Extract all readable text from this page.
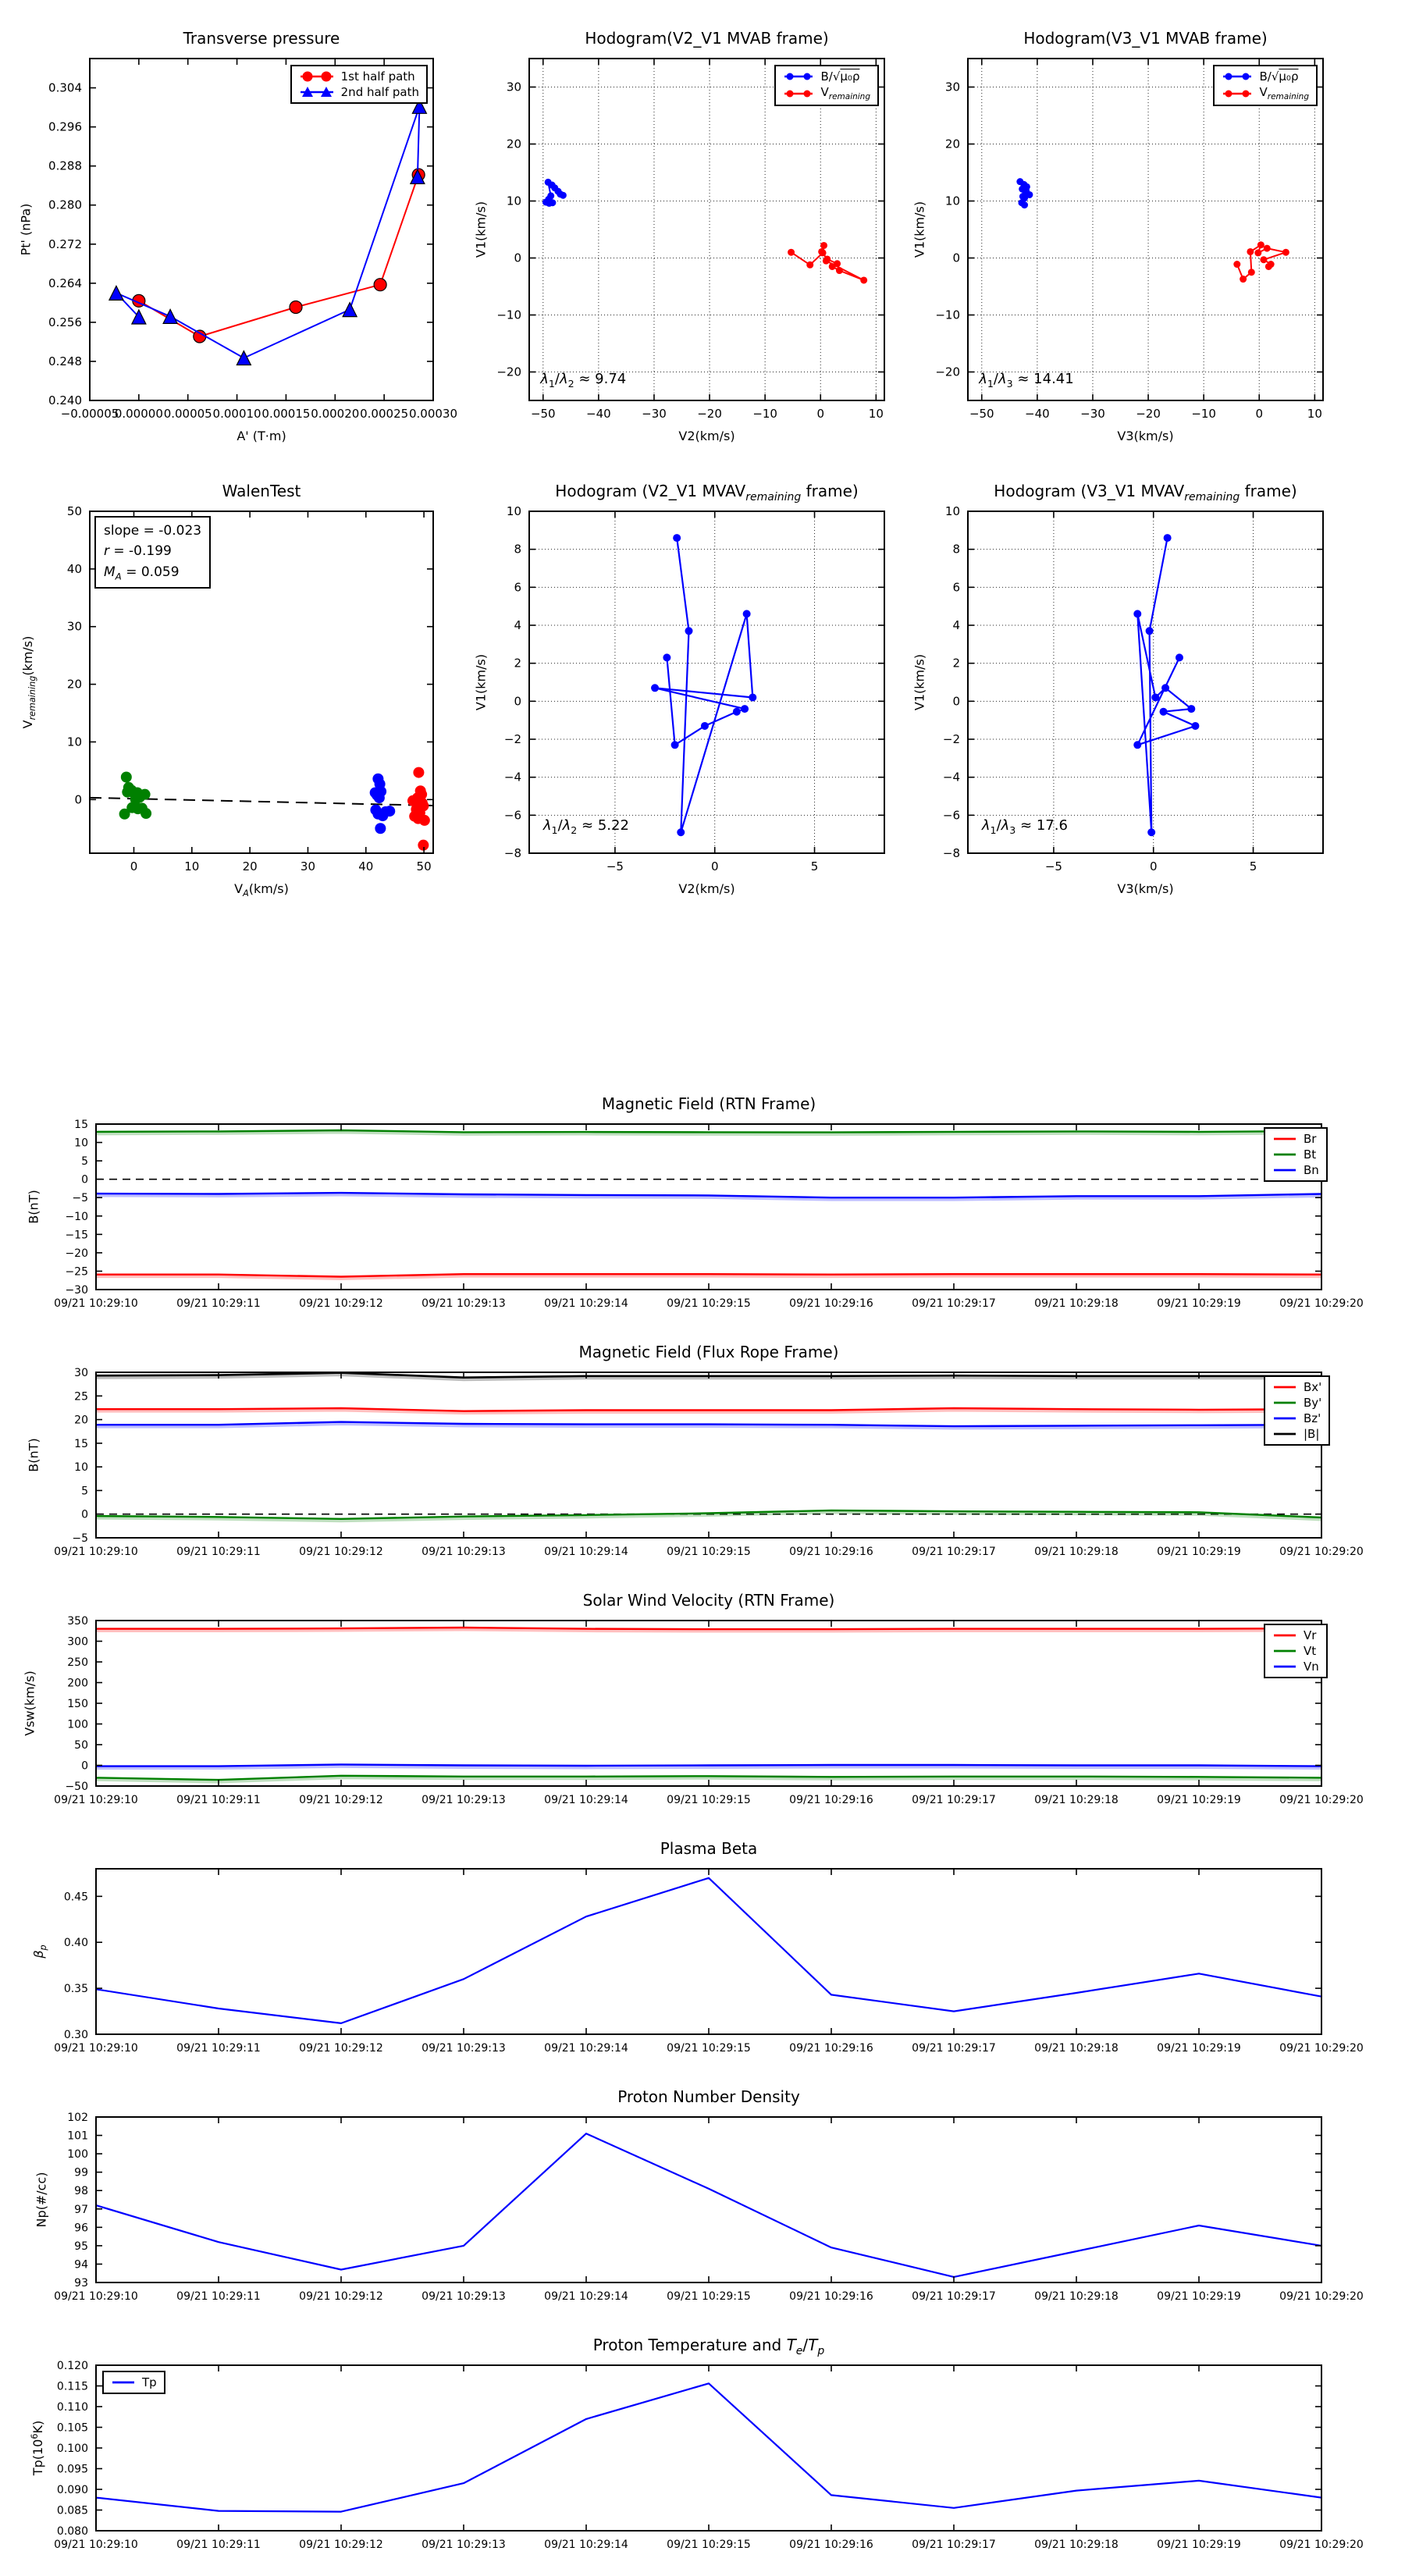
−0.00005
0.00000 0.00005 0.00010 0.00015 0.00020 0.00025 0.00030
0.240
0.248
0.256
0.264
0.272
0.280
0.288
0.296
0.304
−50	−40	−30	−20	−10	0	10
−20
−10
0
10
20
30
−50	−40	−30	−20	−10	0	10
−20
−10
0
10
20
30
0	10	20	30	40	50
0
10
20
30
40
50
−5	0	5
−8
−6
−4
−2
0
2
4
6
8
10
−5	0	5
−8
−6
−4
−2
0
2
4
6
8
10
09/21 10:29:10	09/21 10:29:11	09/21 10:29:12	09/21 10:29:13	09/21 10:29:14	09/21 10:29:15	09/21 10:29:16	09/21 10:29:17	09/21 10:29:18	09/21 10:29:19	09/21 10:29:20
−30
−25
−20
−15
−10
−5
0
5
10
15
09/21 10:29:10	09/21 10:29:11	09/21 10:29:12	09/21 10:29:13	09/21 10:29:14	09/21 10:29:15	09/21 10:29:16	09/21 10:29:17	09/21 10:29:18	09/21 10:29:19	09/21 10:29:20
−5
0
5
10
15
20
25
30
09/21 10:29:10	09/21 10:29:11	09/21 10:29:12	09/21 10:29:13	09/21 10:29:14	09/21 10:29:15	09/21 10:29:16	09/21 10:29:17	09/21 10:29:18	09/21 10:29:19	09/21 10:29:20
−50
0
50
100
150
200
250
300
350
09/21 10:29:10	09/21 10:29:11	09/21 10:29:12	09/21 10:29:13	09/21 10:29:14	09/21 10:29:15	09/21 10:29:16	09/21 10:29:17	09/21 10:29:18	09/21 10:29:19	09/21 10:29:20
0.30
0.35
0.40
0.45
09/21 10:29:10	09/21 10:29:11	09/21 10:29:12	09/21 10:29:13	09/21 10:29:14	09/21 10:29:15	09/21 10:29:16	09/21 10:29:17	09/21 10:29:18	09/21 10:29:19	09/21 10:29:20
93
94
95
96
97
98
99
100
101
102
09/21 10:29:10	09/21 10:29:11	09/21 10:29:12	09/21 10:29:13	09/21 10:29:14	09/21 10:29:15	09/21 10:29:16	09/21 10:29:17	09/21 10:29:18	09/21 10:29:19	09/21 10:29:20
0.080
0.085
0.090
0.095
0.100
0.105
0.110
0.115
0.120
Transverse pressure
A' (T·m)
Pt' (nPa)
Hodogram(V2_V1 MVAB frame)
V2(km/s)
V1(km/s)
Hodogram(V3_V1 MVAB frame)
V3(km/s)
V1(km/s)
WalenTest
$V_A(km/s)$
$V_{remaining}(km/s)$
Hodogram (V2_V1 $MVAV_{remaining}$ frame)
V2(km/s)
V1(km/s)
Hodogram (V3_V1 $MVAV_{remaining}$ frame)
V3(km/s)
V1(km/s)
Magnetic Field (RTN Frame)
B(nT)
Magnetic Field (Flux Rope Frame)
B(nT)
Solar Wind Velocity (RTN Frame)
Vsw(km/s)
Plasma Beta
$\beta_p$
Proton Number Density
Np(#/cc)
Proton Temperature and $T_e/T_p$
$Tp(10^6K)$
1st half path
2nd half path
$\lambda_1/\lambda_2 \approx 9.74$
B/√μ₀ρ
$V_{remaining}$
$\lambda_1/\lambda_3 \approx 14.41$
B/√μ₀ρ
$V_{remaining}$
slope = -0.023
r = -0.199
$M_A = 0.059$
$\lambda_1/\lambda_2 \approx 5.22$	$\lambda_1/\lambda_3 \approx 17.6$
Br
Bt
Bn
Bx'
By'
Bz'
|B|
Vr
Vt
Vn
Tp
